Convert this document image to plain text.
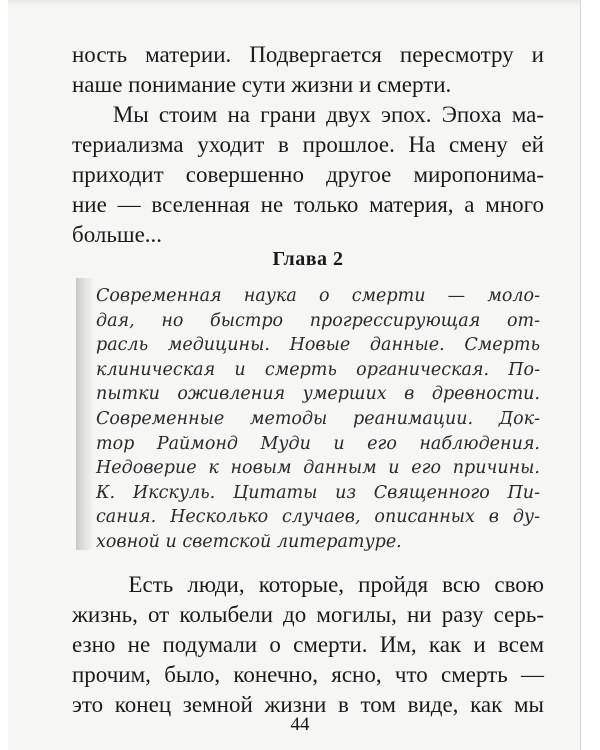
ность материи. Подвергается пересмотру и
наше понимание сути жизни и смерти.

Мы стоим на грани двух эпох. Эпоха ма-
териализма уходит в прошлое. На смену ей
приходит совершенно другое миропонима-
ние — вселенная не только материя, а много
больше...

Глава 2

Современная наука о смерти — моло-
дая, но быстро прогрессирующая от-
расль медицины. Новые данные. Смерть
клиническая и смерть органическая. По-
пытки оживления умерших в древности.
Современные методы реанимации. Док-
тор Раймонд Муди и его наблюдения.
Недоверие к новым данным и его причины.
К. Икскуль. Цитаты из Священного Пи-
сания. Несколько случаев, описанных в ду-
ховной и светской литературе.

Есть люди, которые, пройдя всю свою
жизнь, от колыбели до могилы, ни разу серь-
езно не подумали о смерти. Им, как и всем
прочим, было, конечно, ясно, что смерть —
это конец земной жизни в том виде, как мы

44
